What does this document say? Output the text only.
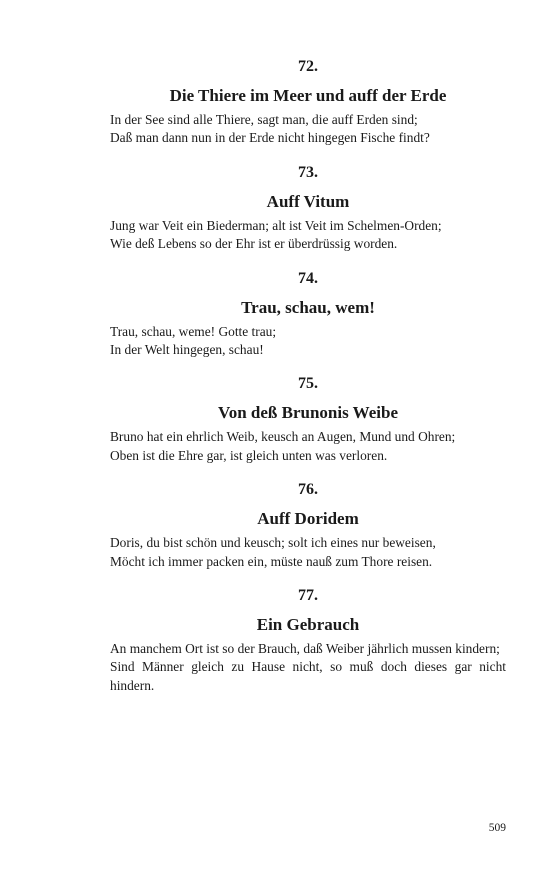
72.
Die Thiere im Meer und auff der Erde
In der See sind alle Thiere, sagt man, die auff Erden sind;
Daß man dann nun in der Erde nicht hingegen Fische findt?
73.
Auff Vitum
Jung war Veit ein Biederman; alt ist Veit im Schelmen-Orden;
Wie deß Lebens so der Ehr ist er überdrüssig worden.
74.
Trau, schau, wem!
Trau, schau, weme! Gotte trau;
In der Welt hingegen, schau!
75.
Von deß Brunonis Weibe
Bruno hat ein ehrlich Weib, keusch an Augen, Mund und Ohren;
Oben ist die Ehre gar, ist gleich unten was verloren.
76.
Auff Doridem
Doris, du bist schön und keusch; solt ich eines nur beweisen,
Möcht ich immer packen ein, müste nauß zum Thore reisen.
77.
Ein Gebrauch
An manchem Ort ist so der Brauch, daß Weiber jährlich mussen kindern;
Sind Männer gleich zu Hause nicht, so muß doch dieses gar nicht hindern.
509
